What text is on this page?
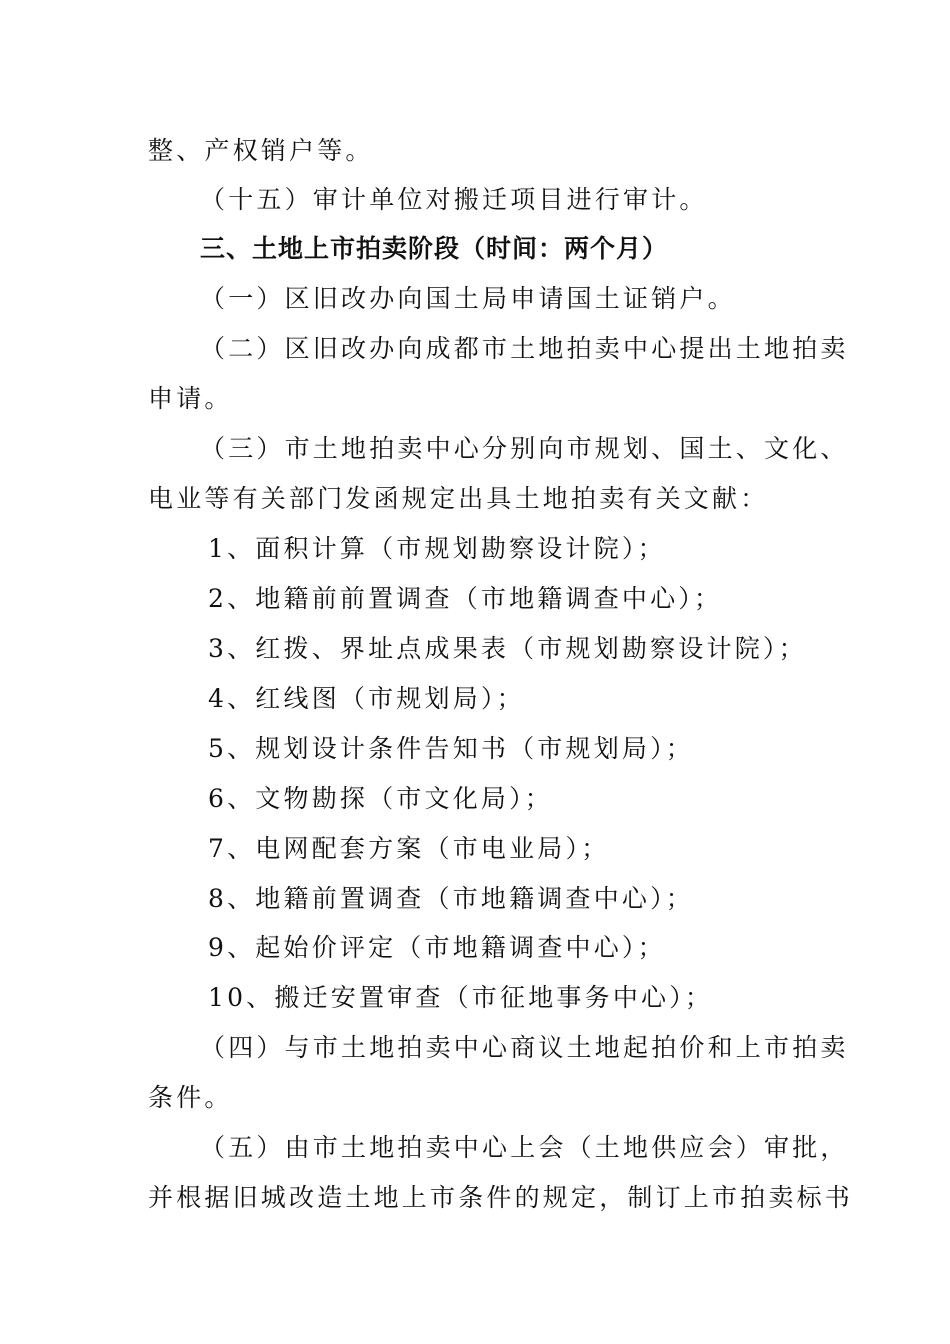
整、产权销户等。
（十五）审计单位对搬迁项目进行审计。
三、土地上市拍卖阶段（时间：两个月）
（一）区旧改办向国土局申请国土证销户。
（二）区旧改办向成都市土地拍卖中心提出土地拍卖
申请。
（三）市土地拍卖中心分别向市规划、国土、文化、
电业等有关部门发函规定出具土地拍卖有关文献：
1、面积计算（市规划勘察设计院）；
2、地籍前前置调查（市地籍调查中心）；
3、红拨、界址点成果表（市规划勘察设计院）；
4、红线图（市规划局）；
5、规划设计条件告知书（市规划局）；
6、文物勘探（市文化局）；
7、电网配套方案（市电业局）；
8、地籍前置调查（市地籍调查中心）；
9、起始价评定（市地籍调查中心）；
10、搬迁安置审查（市征地事务中心）；
（四）与市土地拍卖中心商议土地起拍价和上市拍卖
条件。
（五）由市土地拍卖中心上会（土地供应会）审批，
并根据旧城改造土地上市条件的规定，制订上市拍卖标书
